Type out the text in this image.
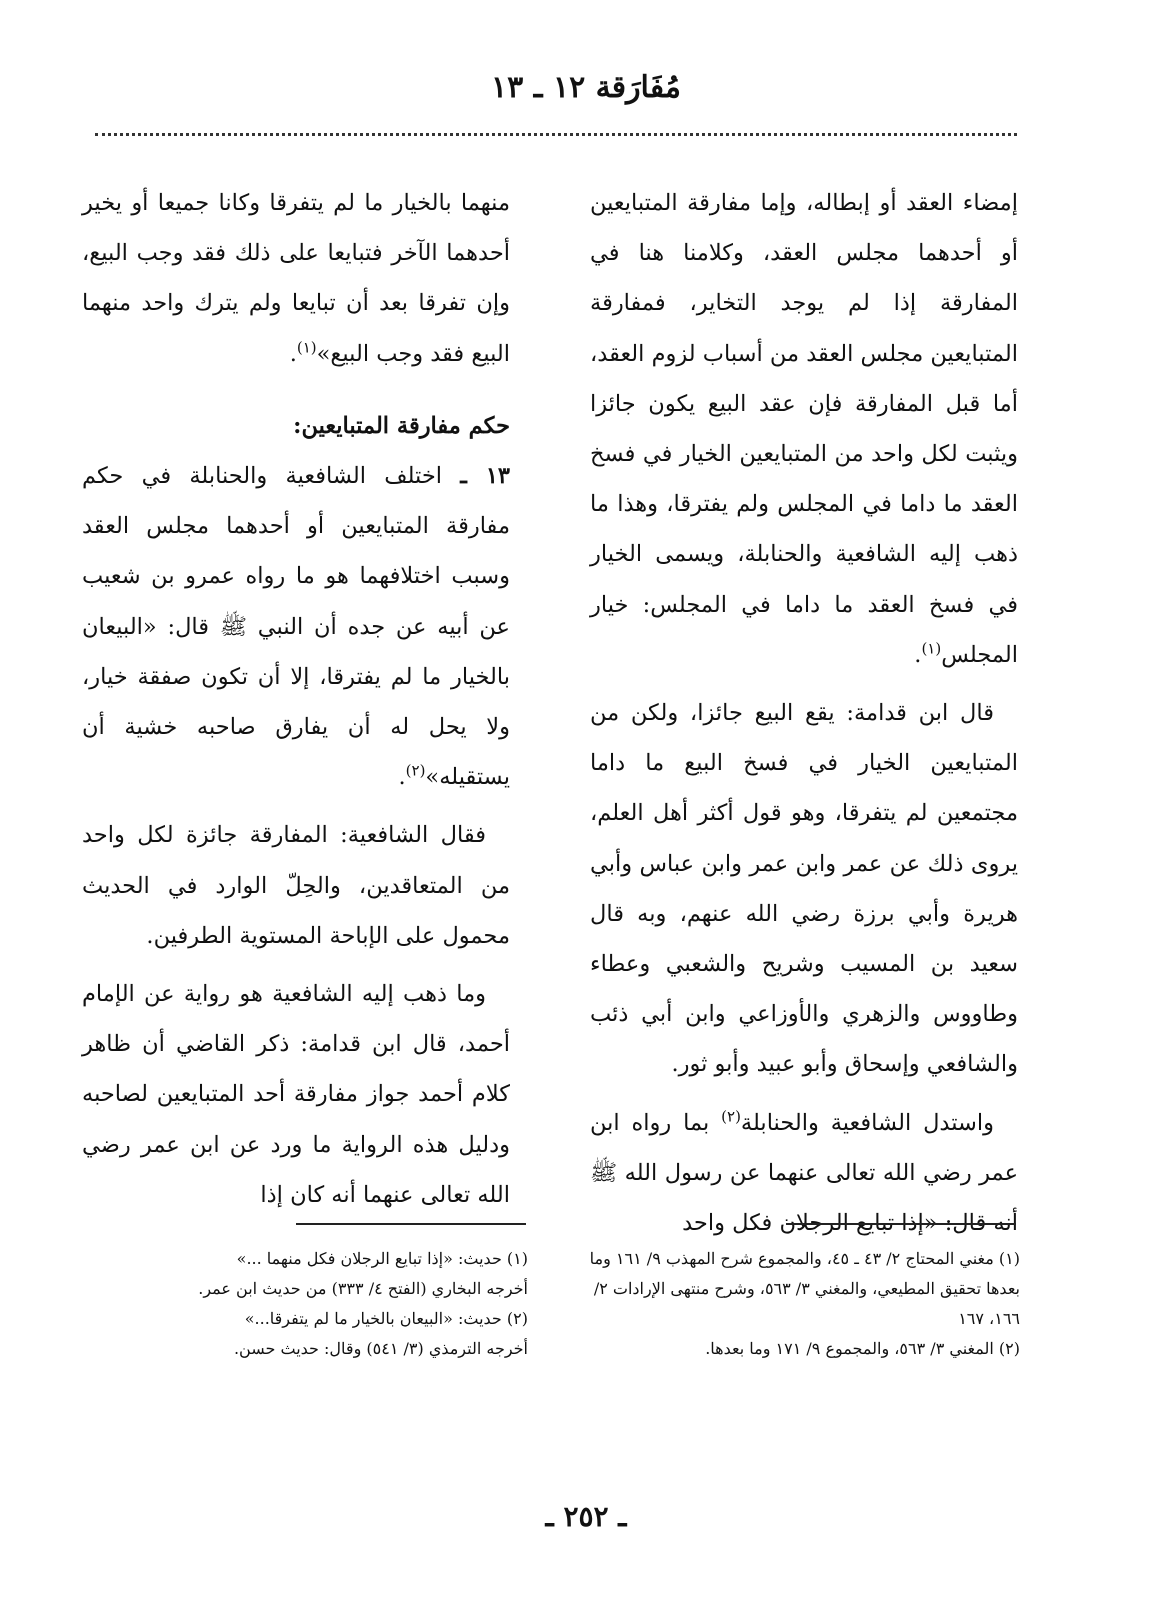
مُفَارَقة ١٢ ـ ١٣

إمضاء العقد أو إبطاله، وإما مفارقة المتبايعين أو أحدهما مجلس العقد، وكلامنا هنا في المفارقة إذا لم يوجد التخاير، فمفارقة المتبايعين مجلس العقد من أسباب لزوم العقد، أما قبل المفارقة فإن عقد البيع يكون جائزا ويثبت لكل واحد من المتبايعين الخيار في فسخ العقد ما داما في المجلس ولم يفترقا، وهذا ما ذهب إليه الشافعية والحنابلة، ويسمى الخيار في فسخ العقد ما داما في المجلس: خيار المجلس$^{(١)}$.

قال ابن قدامة: يقع البيع جائزا، ولكن من المتبايعين الخيار في فسخ البيع ما داما مجتمعين لم يتفرقا، وهو قول أكثر أهل العلم، يروى ذلك عن عمر وابن عمر وابن عباس وأبي هريرة وأبي برزة رضي الله عنهم، وبه قال سعيد بن المسيب وشريح والشعبي وعطاء وطاووس والزهري والأوزاعي وابن أبي ذئب والشافعي وإسحاق وأبو عبيد وأبو ثور.

واستدل الشافعية والحنابلة$^{(٢)}$ بما رواه ابن عمر رضي الله تعالى عنهما عن رسول الله ﷺ أنه قال: «إذا تبايع الرجلان فكل واحد

منهما بالخيار ما لم يتفرقا وكانا جميعا أو يخير أحدهما الآخر فتبايعا على ذلك فقد وجب البيع، وإن تفرقا بعد أن تبايعا ولم يترك واحد منهما البيع فقد وجب البيع»$^{(١)}$.

حكم مفارقة المتبايعين:

١٣ ـ اختلف الشافعية والحنابلة في حكم مفارقة المتبايعين أو أحدهما مجلس العقد وسبب اختلافهما هو ما رواه عمرو بن شعيب عن أبيه عن جده أن النبي ﷺ قال: «البيعان بالخيار ما لم يفترقا، إلا أن تكون صفقة خيار، ولا يحل له أن يفارق صاحبه خشية أن يستقيله»$^{(٢)}$.

فقال الشافعية: المفارقة جائزة لكل واحد من المتعاقدين، والحِلّ الوارد في الحديث محمول على الإباحة المستوية الطرفين.

وما ذهب إليه الشافعية هو رواية عن الإمام أحمد، قال ابن قدامة: ذكر القاضي أن ظاهر كلام أحمد جواز مفارقة أحد المتبايعين لصاحبه ودليل هذه الرواية ما ورد عن ابن عمر رضي الله تعالى عنهما أنه كان إذا

(١) مغني المحتاج ٢/ ٤٣ ـ ٤٥، والمجموع شرح المهذب ٩/ ١٦١ وما بعدها تحقيق المطيعي، والمغني ٣/ ٥٦٣، وشرح منتهى الإرادات ٢/ ١٦٦، ١٦٧

(٢) المغني ٣/ ٥٦٣، والمجموع ٩/ ١٧١ وما بعدها.

(١) حديث: «إذا تبايع الرجلان فكل منهما ...»

أخرجه البخاري (الفتح ٤/ ٣٣٣) من حديث ابن عمر.

(٢) حديث: «البيعان بالخيار ما لم يتفرقا...»

أخرجه الترمذي (٣/ ٥٤١) وقال: حديث حسن.

ـ ٢٥٢ ـ
